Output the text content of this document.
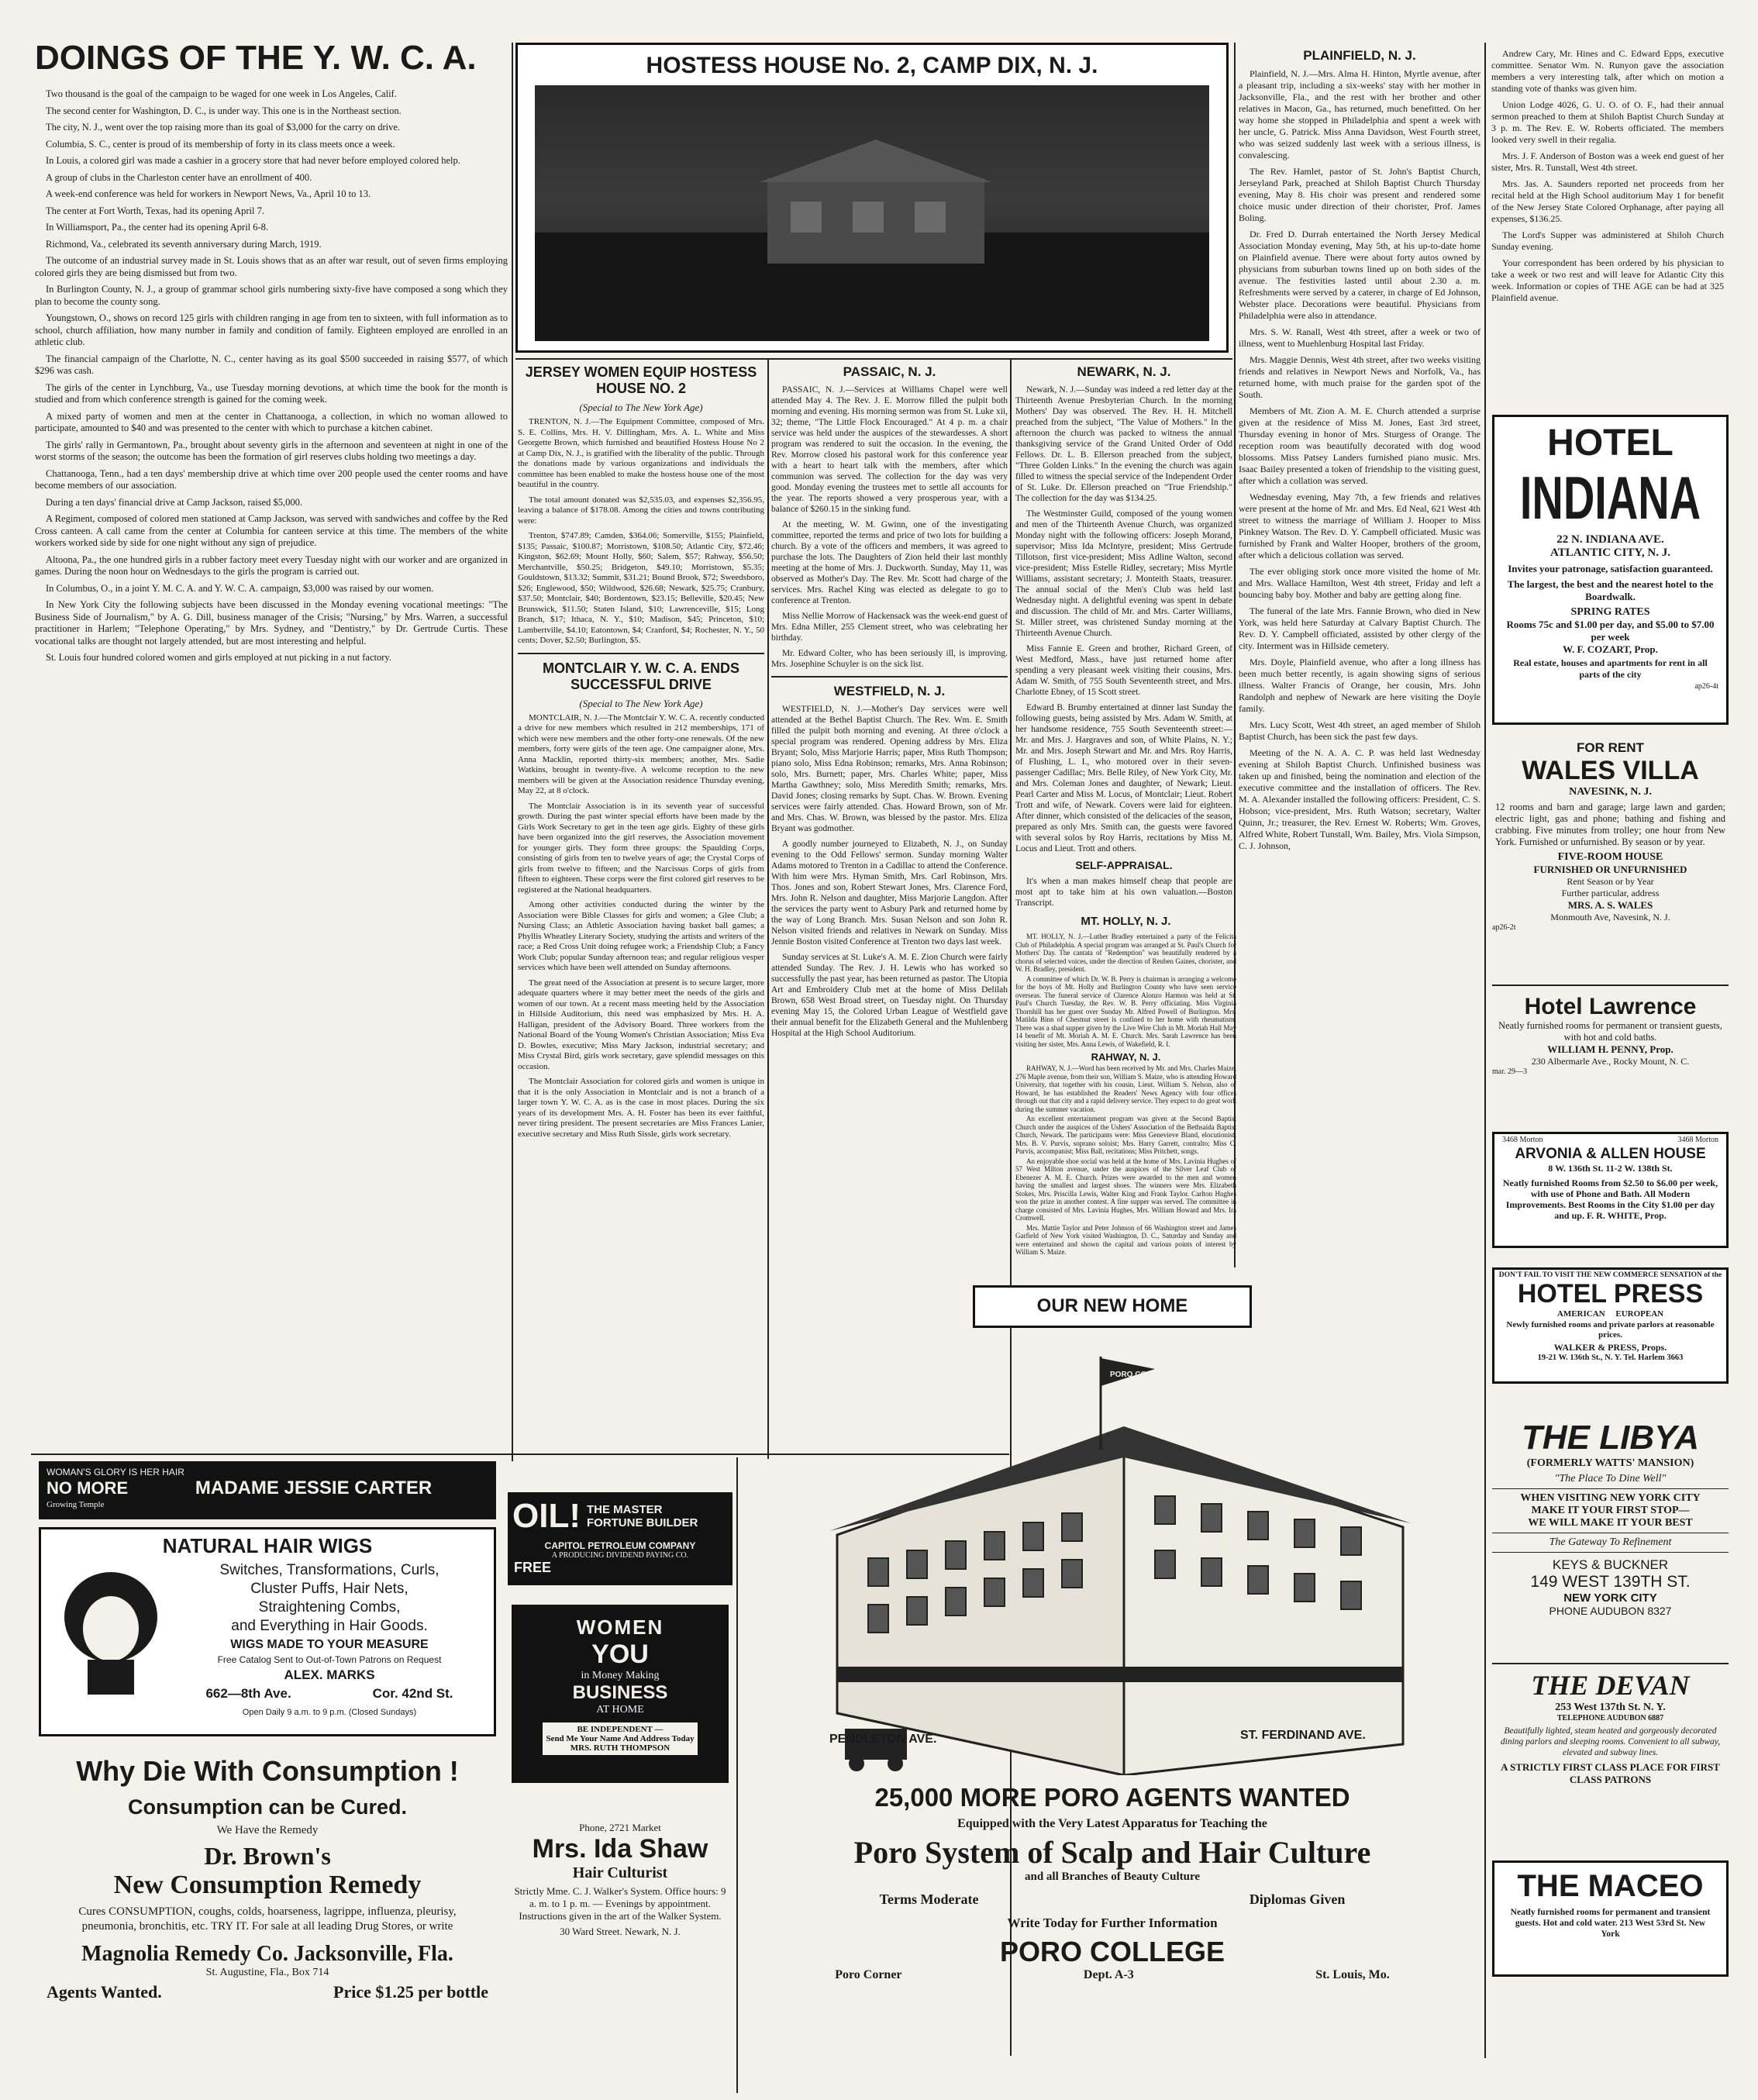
DOINGS OF THE Y. W. C. A.

Two thousand is the goal of the campaign to be waged for one week in Los Angeles, Calif.

The second center for Washington, D. C., is under way. This one is in the Northeast section.

The city, N. J., went over the top raising more than its goal of $3,000 for the carry on drive.

Columbia, S. C., center is proud of its membership of forty in its class meets once a week.

In Louis, a colored girl was made a cashier in a grocery store that had never before employed colored help.

A group of clubs in the Charleston center have an enrollment of 400.

A week-end conference was held for workers in Newport News, Va., April 10 to 13.

The center at Fort Worth, Texas, had its opening April 7.

In Williamsport, Pa., the center had its opening April 6-8.

Richmond, Va., celebrated its seventh anniversary during March, 1919.

The outcome of an industrial survey made in St. Louis shows that as an after war result, out of seven firms employing colored girls they are being dismissed but from two.

In Burlington County, N. J., a group of grammar school girls numbering sixty-five have composed a song which they plan to become the county song.

Youngstown, O., shows on record 125 girls with children ranging in age from ten to sixteen, with full information as to school, church affiliation, how many number in family and condition of family. Eighteen employed are enrolled in an athletic club.

The financial campaign of the Charlotte, N. C., center having as its goal $500 succeeded in raising $577, of which $296 was cash.

The girls of the center in Lynchburg, Va., use Tuesday morning devotions, at which time the book for the month is studied and from which conference strength is gained for the coming week.

A mixed party of women and men at the center in Chattanooga, a collection, in which no woman allowed to participate, amounted to $40 and was presented to the center with which to purchase a kitchen cabinet.

The girls' rally in Germantown, Pa., brought about seventy girls in the afternoon and seventeen at night in one of the worst storms of the season; the outcome has been the formation of girl reserves clubs holding two meetings a day.

Chattanooga, Tenn., had a ten days' membership drive at which time over 200 people used the center rooms and have become members of our association.

During a ten days' financial drive at Camp Jackson, raised $5,000.

A Regiment, composed of colored men stationed at Camp Jackson, was served with sandwiches and coffee by the Red Cross canteen. A call came from the center at Columbia for canteen service at this time. The members of the white workers worked side by side for one night without any sign of prejudice.

Altoona, Pa., the one hundred girls in a rubber factory meet every Tuesday night with our worker and are organized in games. During the noon hour on Wednesdays to the girls the program is carried out.

In Columbus, O., in a joint Y. M. C. A. and Y. W. C. A. campaign, $3,000 was raised by our women.

In New York City the following subjects have been discussed in the Monday evening vocational meetings: "The Business Side of Journalism," by A. G. Dill, business manager of the Crisis; "Nursing," by Mrs. Warren, a successful practitioner in Harlem; "Telephone Operating," by Mrs. Sydney, and "Dentistry," by Dr. Gertrude Curtis. These vocational talks are thought not largely attended, but are most interesting and helpful.

St. Louis four hundred colored women and girls employed at nut picking in a nut factory.

HOSTESS HOUSE No. 2, CAMP DIX, N. J.	PLAINFIELD, N. J.

Plainfield, N. J.—Mrs. Alma H. Hinton, Myrtle avenue, after a pleasant trip, including a six-weeks' stay with her mother in Jacksonville, Fla., and the rest with her brother and other relatives in Macon, Ga., has returned, much benefitted. On her way home she stopped in Philadelphia and spent a week with her uncle, G. Patrick. Miss Anna Davidson, West Fourth street, who was seized suddenly last week with a serious illness, is convalescing.

The Rev. Hamlet, pastor of St. John's Baptist Church, Jerseyland Park, preached at Shiloh Baptist Church Thursday evening, May 8. His choir was present and rendered some choice music under direction of their chorister, Prof. James Boling.

Dr. Fred D. Durrah entertained the North Jersey Medical Association Monday evening, May 5th, at his up-to-date home on Plainfield avenue. There were about forty autos owned by physicians from suburban towns lined up on both sides of the avenue. The festivities lasted until about 2.30 a. m. Refreshments were served by a caterer, in charge of Ed Johnson, Webster place. Decorations were beautiful. Physicians from Philadelphia were also in attendance.

Mrs. S. W. Ranall, West 4th street, after a week or two of illness, went to Muehlenburg Hospital last Friday.

Mrs. Maggie Dennis, West 4th street, after two weeks visiting friends and relatives in Newport News and Norfolk, Va., has returned home, with much praise for the garden spot of the South.

Members of Mt. Zion A. M. E. Church attended a surprise given at the residence of Miss M. Jones, East 3rd street, Thursday evening in honor of Mrs. Sturgess of Orange. The reception room was beautifully decorated with dog wood blossoms. Miss Patsey Landers furnished piano music. Mrs. Isaac Bailey presented a token of friendship to the visiting guest, after which a collation was served.

Wednesday evening, May 7th, a few friends and relatives were present at the home of Mr. and Mrs. Ed Neal, 621 West 4th street to witness the marriage of William J. Hooper to Miss Pinkney Watson. The Rev. D. Y. Campbell officiated. Music was furnished by Frank and Walter Hooper, brothers of the groom, after which a delicious collation was served.

The ever obliging stork once more visited the home of Mr. and Mrs. Wallace Hamilton, West 4th street, Friday and left a bouncing baby boy. Mother and baby are getting along fine.

The funeral of the late Mrs. Fannie Brown, who died in New York, was held here Saturday at Calvary Baptist Church. The Rev. D. Y. Campbell officiated, assisted by other clergy of the city. Interment was in Hillside cemetery.

Mrs. Doyle, Plainfield avenue, who after a long illness has been much better recently, is again showing signs of serious illness. Walter Francis of Orange, her cousin, Mrs. John Randolph and nephew of Newark are here visiting the Doyle family.

Mrs. Lucy Scott, West 4th street, an aged member of Shiloh Baptist Church, has been sick the past few days.

Meeting of the N. A. A. C. P. was held last Wednesday evening at Shiloh Baptist Church. Unfinished business was taken up and finished, being the nomination and election of the executive committee and the installation of officers. The Rev. M. A. Alexander installed the following officers: President, C. S. Hobson; vice-president, Mrs. Ruth Watson; secretary, Walter Quinn, Jr.; treasurer, the Rev. Ernest W. Roberts; Wm. Groves, Alfred White, Robert Tunstall, Wm. Bailey, Mrs. Viola Simpson, C. J. Johnson,

Andrew Cary, Mr. Hines and C. Edward Epps, executive committee. Senator Wm. N. Runyon gave the association members a very interesting talk, after which on motion a standing vote of thanks was given him.

Union Lodge 4026, G. U. O. of O. F., had their annual sermon preached to them at Shiloh Baptist Church Sunday at 3 p. m. The Rev. E. W. Roberts officiated. The members looked very swell in their regalia.

Mrs. J. F. Anderson of Boston was a week end guest of her sister, Mrs. R. Tunstall, West 4th street.

Mrs. Jas. A. Saunders reported net proceeds from her recital held at the High School auditorium May 1 for benefit of the New Jersey State Colored Orphanage, after paying all expenses, $136.25.

The Lord's Supper was administered at Shiloh Church Sunday evening.

Your correspondent has been ordered by his physician to take a week or two rest and will leave for Atlantic City this week. Information or copies of THE AGE can be had at 325 Plainfield avenue.

PASSAIC, N. J.

PASSAIC, N. J.—Services at Williams Chapel were well attended May 4. The Rev. J. E. Morrow filled the pulpit both morning and evening. His morning sermon was from St. Luke xii, 32; theme, "The Little Flock Encouraged." At 4 p. m. a chair service was held under the auspices of the stewardesses. A short program was rendered to suit the occasion. In the evening, the Rev. Morrow closed his pastoral work for this conference year with a heart to heart talk with the members, after which communion was served. The collection for the day was very good. Monday evening the trustees met to settle all accounts for the year. The reports showed a very prosperous year, with a balance of $260.15 in the sinking fund.

At the meeting, W. M. Gwinn, one of the investigating committee, reported the terms and price of two lots for building a church. By a vote of the officers and members, it was agreed to purchase the lots. The Daughters of Zion held their last monthly meeting at the home of Mrs. J. Duckworth. Sunday, May 11, was observed as Mother's Day. The Rev. Mr. Scott had charge of the services. Mrs. Rachel King was elected as delegate to go to conference at Trenton.

Miss Nellie Morrow of Hackensack was the week-end guest of Mrs. Edna Miller, 255 Clement street, who was celebrating her birthday.

Mr. Edward Colter, who has been seriously ill, is improving. Mrs. Josephine Schuyler is on the sick list.

WESTFIELD, N. J.

WESTFIELD, N. J.—Mother's Day services were well attended at the Bethel Baptist Church. The Rev. Wm. E. Smith filled the pulpit both morning and evening. At three o'clock a special program was rendered. Opening address by Mrs. Eliza Bryant; Solo, Miss Marjorie Harris; paper, Miss Ruth Thompson; piano solo, Miss Edna Robinson; remarks, Mrs. Anna Robinson; solo, Mrs. Burnett; paper, Mrs. Charles White; paper, Miss Martha Gawthney; solo, Miss Meredith Smith; remarks, Mrs. David Jones; closing remarks by Supt. Chas. W. Brown. Evening services were fairly attended. Chas. Howard Brown, son of Mr. and Mrs. Chas. W. Brown, was blessed by the pastor. Mrs. Eliza Bryant was godmother.

A goodly number journeyed to Elizabeth, N. J., on Sunday evening to the Odd Fellows' sermon. Sunday morning Walter Adams motored to Trenton in a Cadillac to attend the Conference. With him were Mrs. Hyman Smith, Mrs. Carl Robinson, Mrs. Thos. Jones and son, Robert Stewart Jones, Mrs. Clarence Ford, Mrs. John R. Nelson and daughter, Miss Marjorie Langdon. After the services the party went to Asbury Park and returned home by the way of Long Branch. Mrs. Susan Nelson and son John R. Nelson visited friends and relatives in Newark on Sunday. Miss Jennie Boston visited Conference at Trenton two days last week.

Sunday services at St. Luke's A. M. E. Zion Church were fairly attended Sunday. The Rev. J. H. Lewis who has worked so successfully the past year, has been returned as pastor. The Utopia Art and Embroidery Club met at the home of Miss Delilah Brown, 658 West Broad street, on Tuesday night. On Thursday evening May 15, the Colored Urban League of Westfield gave their annual benefit for the Elizabeth General and the Muhlenberg Hospital at the High School Auditorium.

NEWARK, N. J.

Newark, N. J.—Sunday was indeed a red letter day at the Thirteenth Avenue Presbyterian Church. In the morning Mothers' Day was observed. The Rev. H. H. Mitchell preached from the subject, "The Value of Mothers." In the afternoon the church was packed to witness the annual thanksgiving service of the Grand United Order of Odd Fellows. Dr. L. B. Ellerson preached from the subject, "Three Golden Links." In the evening the church was again filled to witness the special service of the Independent Order of St. Luke. Dr. Ellerson preached on "True Friendship." The collection for the day was $134.25.

The Westminster Guild, composed of the young women and men of the Thirteenth Avenue Church, was organized Monday night with the following officers: Joseph Morand, supervisor; Miss Ida McIntyre, president; Miss Gertrude Tillotson, first vice-president; Miss Adline Walton, second vice-president; Miss Estelle Ridley, secretary; Miss Myrtle Williams, assistant secretary; J. Monteith Staats, treasurer. The annual social of the Men's Club was held last Wednesday night. A delightful evening was spent in debate and discussion. The child of Mr. and Mrs. Carter Williams, St. Miller street, was christened Sunday morning at the Thirteenth Avenue Church.

Miss Fannie E. Green and brother, Richard Green, of West Medford, Mass., have just returned home after spending a very pleasant week visiting their cousins, Mrs. Adam W. Smith, of 755 South Seventeenth street, and Mrs. Charlotte Ebney, of 15 Scott street.

Edward B. Brumby entertained at dinner last Sunday the following guests, being assisted by Mrs. Adam W. Smith, at her handsome residence, 755 South Seventeenth street:—Mr. and Mrs. J. Hargraves and son, of White Plains, N. Y.; Mr. and Mrs. Joseph Stewart and Mr. and Mrs. Roy Harris, of Flushing, L. I., who motored over in their seven-passenger Cadillac; Mrs. Belle Riley, of New York City, Mr. and Mrs. Coleman Jones and daughter, of Newark; Lieut. Pearl Carter and Miss M. Locus, of Montclair; Lieut. Robert Trott and wife, of Newark. Covers were laid for eighteen. After dinner, which consisted of the delicacies of the season, prepared as only Mrs. Smith can, the guests were favored with several solos by Roy Harris, recitations by Miss M. Locus and Lieut. Trott and others.

SELF-APPRAISAL.

It's when a man makes himself cheap that people are most apt to take him at his own valuation.—Boston Transcript.

WOMAN'S GLORY IS HER HAIR
NO MORE
Growing Temple
MADAME JESSIE CARTER
NATURAL HAIR WIGS
Switches, Transformations, Curls,
Cluster Puffs, Hair Nets,
Straightening Combs,
and Everything in Hair Goods.
WIGS MADE TO YOUR MEASURE
Free Catalog Sent to Out-of-Town Patrons on Request
ALEX. MARKS
662—8th Ave.	Cor. 42nd St.
Open Daily 9 a.m. to 9 p.m. (Closed Sundays)
Why Die With Consumption !
Consumption can be Cured.
We Have the Remedy
Dr. Brown's
New Consumption Remedy
Cures CONSUMPTION, coughs, colds, hoarseness, lagrippe, influenza, pleurisy, pneumonia, bronchitis, etc. TRY IT. For sale at all leading Drug Stores, or write
Magnolia Remedy Co. Jacksonville, Fla.
St. Augustine, Fla., Box 714
Agents Wanted.	Price $1.25 per bottle
OIL! THE MASTER
FORTUNE BUILDER
CAPITOL PETROLEUM COMPANY
A PRODUCING DIVIDEND PAYING CO.
FREE
WOMEN
YOU
in Money Making
BUSINESS
AT HOME
BE INDEPENDENT —
Send Me Your Name And Address Today
MRS. RUTH THOMPSON
Phone, 2721 Market
Mrs. Ida Shaw
Hair Culturist
Strictly Mme. C. J. Walker's System. Office hours: 9 a. m. to 1 p. m. — Evenings by appointment. Instructions given in the art of the Walker System.
30 Ward Street. Newark, N. J.
OUR NEW HOME
PORO COLLEGE
PENDLETON AVE.	ST. FERDINAND AVE.
25,000 MORE PORO AGENTS WANTED
Equipped with the Very Latest Apparatus for Teaching the
Poro System of Scalp and Hair Culture
and all Branches of Beauty Culture
Terms Moderate	Diplomas Given
Write Today for Further Information
PORO COLLEGE
Poro Corner	Dept. A-3	St. Louis, Mo.
HOTEL
INDIANA
22 N. INDIANA AVE.
ATLANTIC CITY, N. J.
Invites your patronage, satisfaction guaranteed.
The largest, the best and the nearest hotel to the Boardwalk.
SPRING RATES
Rooms 75c and $1.00 per day, and $5.00 to $7.00 per week
W. F. COZART, Prop.
Real estate, houses and apartments for rent in all parts of the city
ap26-4t
FOR RENT
WALES VILLA
NAVESINK, N. J.
12 rooms and barn and garage; large lawn and garden; electric light, gas and phone; bathing and fishing and crabbing. Five minutes from trolley; one hour from New York. Furnished or unfurnished. By season or by year.
FIVE-ROOM HOUSE
FURNISHED OR UNFURNISHED
Rent Season or by Year
Further particular, address
MRS. A. S. WALES
Monmouth Ave, Navesink, N. J.
ap26-2t
Hotel Lawrence
Neatly furnished rooms for permanent or transient guests, with hot and cold baths.
WILLIAM H. PENNY, Prop.
230 Albermarle Ave., Rocky Mount, N. C.
mar. 29—3
3468 Morton	3468 Morton
ARVONIA & ALLEN HOUSE
8 W. 136th St. 11-2 W. 138th St.
Neatly furnished Rooms from $2.50 to $6.00 per week, with use of Phone and Bath. All Modern Improvements. Best Rooms in the City $1.00 per day and up. F. R. WHITE, Prop.
DON'T FAIL TO VISIT THE NEW COMMERCE SENSATION of the
HOTEL PRESS
AMERICAN     EUROPEAN
Newly furnished rooms and private parlors at reasonable prices.
WALKER & PRESS, Props.
19-21 W. 136th St., N. Y. Tel. Harlem 3663
THE LIBYA
(FORMERLY WATTS' MANSION)
"The Place To Dine Well"
WHEN VISITING NEW YORK CITY
MAKE IT YOUR FIRST STOP—
WE WILL MAKE IT YOUR BEST
The Gateway To Refinement
KEYS & BUCKNER
149 WEST 139TH ST.
NEW YORK CITY
PHONE AUDUBON 8327
THE DEVAN
253 West 137th St. N. Y.
TELEPHONE AUDUBON 6887
Beautifully lighted, steam heated and gorgeously decorated dining parlors and sleeping rooms. Convenient to all subway, elevated and subway lines.
A STRICTLY FIRST CLASS PLACE FOR FIRST CLASS PATRONS
THE MACEO
Neatly furnished rooms for permanent and transient guests. Hot and cold water. 213 West 53rd St. New York
JERSEY WOMEN EQUIP HOSTESS HOUSE NO. 2
(Special to The New York Age)

TRENTON, N. J.—The Equipment Committee, composed of Mrs. S. E. Collins, Mrs. H. V. Dillingham, Mrs. A. L. White and Miss Georgette Brown, which furnished and beautified Hostess House No 2 at Camp Dix, N. J., is gratified with the liberality of the public. Through the donations made by various organizations and individuals the committee has been enabled to make the hostess house one of the most beautiful in the country.

The total amount donated was $2,535.03, and expenses $2,356.95, leaving a balance of $178.08. Among the cities and towns contributing were:

Trenton, $747.89; Camden, $364.06; Somerville, $155; Plainfield, $135; Passaic, $100.87; Morristown, $108.50; Atlantic City, $72.46; Kingston, $62.69; Mount Holly, $60; Salem, $57; Rahway, $56.50; Merchantville, $50.25; Bridgeton, $49.10; Morristown, $5.35; Gouldstown, $13.32; Summit, $31.21; Bound Brook, $72; Sweedsboro, $26; Englewood, $50; Wildwood, $26.68; Newark, $25.75; Cranbury, $37.50; Montclair, $40; Bordentown, $23.15; Belleville, $20.45; New Brunswick, $11.50; Staten Island, $10; Lawrenceville, $15; Long Branch, $17; Ithaca, N. Y., $10; Madison, $45; Princeton, $10; Lambertville, $4.10; Eatontown, $4; Cranford, $4; Rochester, N. Y., 50 cents; Dover, $2.50; Burlington, $5.

MONTCLAIR Y. W. C. A. ENDS SUCCESSFUL DRIVE
(Special to The New York Age)

MONTCLAIR, N. J.—The Montclair Y. W. C. A. recently conducted a drive for new members which resulted in 212 memberships, 171 of which were new members and the other forty-one renewals. Of the new members, forty were girls of the teen age. One campaigner alone, Mrs. Anna Macklin, reported thirty-six members; another, Mrs. Sadie Watkins, brought in twenty-five. A welcome reception to the new members will be given at the Association residence Thursday evening, May 22, at 8 o'clock.

The Montclair Association is in its seventh year of successful growth. During the past winter special efforts have been made by the Girls Work Secretary to get in the teen age girls. Eighty of these girls have been organized into the girl reserves, the Association movement for younger girls. They form three groups: the Spaulding Corps, consisting of girls from ten to twelve years of age; the Crystal Corps of girls from twelve to fifteen; and the Narcissus Corps of girls from fifteen to eighteen. These corps were the first colored girl reserves to be registered at the National headquarters.

Among other activities conducted during the winter by the Association were Bible Classes for girls and women; a Glee Club; a Nursing Class; an Athletic Association having basket ball games; a Phyllis Wheatley Literary Society, studying the artists and writers of the race; a Red Cross Unit doing refugee work; a Friendship Club; a Fancy Work Club; popular Sunday afternoon teas; and regular religious vesper services which have been well attended on Sunday afternoons.

The great need of the Association at present is to secure larger, more adequate quarters where it may better meet the needs of the girls and women of our town. At a recent mass meeting held by the Association in Hillside Auditorium, this need was emphasized by Mrs. H. A. Halligan, president of the Advisory Board. Three workers from the National Board of the Young Women's Christian Association; Miss Eva D. Bowles, executive; Miss Mary Jackson, industrial secretary; and Miss Crystal Bird, girls work secretary, gave splendid messages on this occasion.

The Montclair Association for colored girls and women is unique in that it is the only Association in Montclair and is not a branch of a larger town Y. W. C. A. as is the case in most places. During the six years of its development Mrs. A. H. Foster has been its ever faithful, never tiring president. The present secretaries are Miss Frances Lanier, executive secretary and Miss Ruth Sissle, girls work secretary.

MT. HOLLY, N. J.

MT. HOLLY, N. J.—Luther Bradley entertained a party of the Felicita Club of Philadelphia. A special program was arranged at St. Paul's Church for Mothers' Day. The cantata of "Redemption" was beautifully rendered by a chorus of selected voices, under the direction of Reuben Gaines, chorister, and W. H. Bradley, president.

A committee of which Dr. W. B. Perry is chairman is arranging a welcome for the boys of Mt. Holly and Burlington County who have seen service overseas. The funeral service of Clarence Alonzo Harmon was held at St. Paul's Church Tuesday, the Rev. W. B. Perry officiating. Miss Virginia Thornhill has her guest over Sunday Mr. Alfred Powell of Burlington. Mrs. Matilda Binn of Chestnut street is confined to her home with rheumatism. There was a shad supper given by the Live Wire Club in Mt. Moriah Hall May 14 benefit of Mt. Moriah A. M. E. Church. Mrs. Sarah Lawrence has been visiting her sister, Mrs. Anna Lewis, of Wakefield, R. I.

RAHWAY, N. J.

RAHWAY, N. J.—Word has been received by Mr. and Mrs. Charles Maize, 276 Maple avenue, from their son, William S. Maize, who is attending Howard University, that together with his cousin, Lieut. William S. Nelson, also of Howard, he has established the Readers' News Agency with four offices through out that city and a rapid delivery service. They expect to do great work during the summer vacation.

An excellent entertainment program was given at the Second Baptist Church under the auspices of the Ushers' Association of the Bethsaida Baptist Church, Newark. The participants were: Miss Genevieve Bland, elocutionist; Mrs. B. V. Purvis, soprano soloist; Mrs. Harry Garrett, contralto; Miss C. Purvis, accompanist; Miss Ball, recitations; Miss Pritchett, songs.

An enjoyable shoe social was held at the home of Mrs. Lavinia Hughes of 57 West Milton avenue, under the auspices of the Silver Leaf Club of Ebenezer A. M. E. Church. Prizes were awarded to the men and women having the smallest and largest shoes. The winners were Mrs. Elizabeth Stokes, Mrs. Priscilla Lewis, Walter King and Frank Taylor. Carlton Hughes won the prize in another contest. A fine supper was served. The committee in charge consisted of Mrs. Lavinia Hughes, Mrs. William Howard and Mrs. Ira Cromwell.

Mrs. Mattie Taylor and Peter Johnson of 66 Washington street and James Garfield of New York visited Washington, D. C., Saturday and Sunday and were entertained and shown the capital and various points of interest by William S. Maize.
